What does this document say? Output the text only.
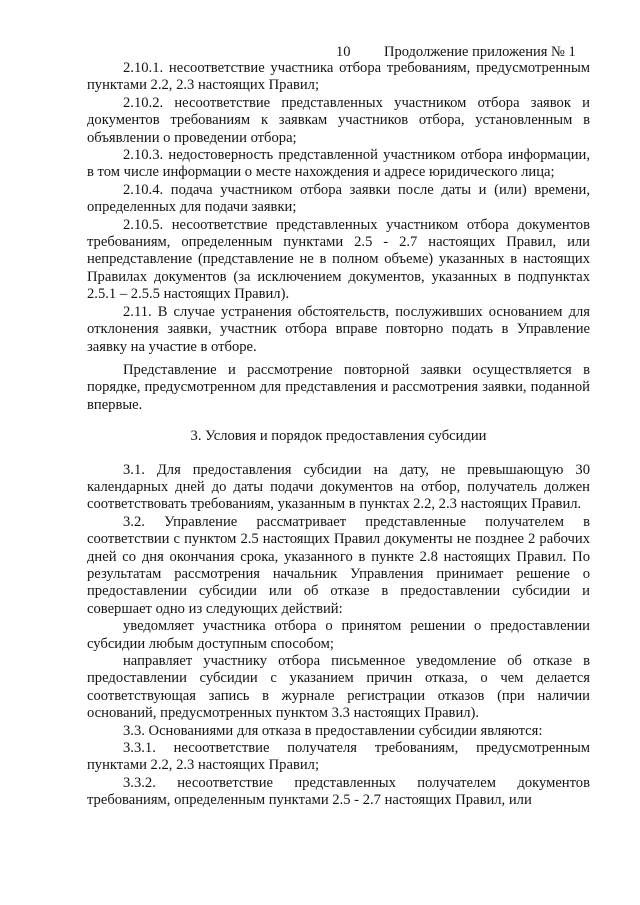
10 Продолжение приложения № 1

2.10.1. несоответствие участника отбора требованиям, предусмотренным пунктами 2.2, 2.3 настоящих Правил;

2.10.2. несоответствие представленных участником отбора заявок и документов требованиям к заявкам участников отбора, установленным в объявлении о проведении отбора;

2.10.3. недостоверность представленной участником отбора информации, в том числе информации о месте нахождения и адресе юридического лица;

2.10.4. подача участником отбора заявки после даты и (или) времени, определенных для подачи заявки;

2.10.5. несоответствие представленных участником отбора документов требованиям, определенным пунктами 2.5 - 2.7 настоящих Правил, или непредставление (представление не в полном объеме) указанных в настоящих Правилах документов (за исключением документов, указанных в подпунктах 2.5.1 – 2.5.5 настоящих Правил).

2.11. В случае устранения обстоятельств, послуживших основанием для отклонения заявки, участник отбора вправе повторно подать в Управление заявку на участие в отборе.

Представление и рассмотрение повторной заявки осуществляется в порядке, предусмотренном для представления и рассмотрения заявки, поданной впервые.

3. Условия и порядок предоставления субсидии

3.1. Для предоставления субсидии на дату, не превышающую 30 календарных дней до даты подачи документов на отбор, получатель должен соответствовать требованиям, указанным в пунктах 2.2, 2.3 настоящих Правил.

3.2. Управление рассматривает представленные получателем в соответствии с пунктом 2.5 настоящих Правил документы не позднее 2 рабочих дней со дня окончания срока, указанного в пункте 2.8 настоящих Правил. По результатам рассмотрения начальник Управления принимает решение о предоставлении субсидии или об отказе в предоставлении субсидии и совершает одно из следующих действий:

уведомляет участника отбора о принятом решении о предоставлении субсидии любым доступным способом;

направляет участнику отбора письменное уведомление об отказе в предоставлении субсидии с указанием причин отказа, о чем делается соответствующая запись в журнале регистрации отказов (при наличии оснований, предусмотренных пунктом 3.3 настоящих Правил).

3.3. Основаниями для отказа в предоставлении субсидии являются:

3.3.1. несоответствие получателя требованиям, предусмотренным пунктами 2.2, 2.3 настоящих Правил;

3.3.2. несоответствие представленных получателем документов требованиям, определенным пунктами 2.5 - 2.7 настоящих Правил, или
